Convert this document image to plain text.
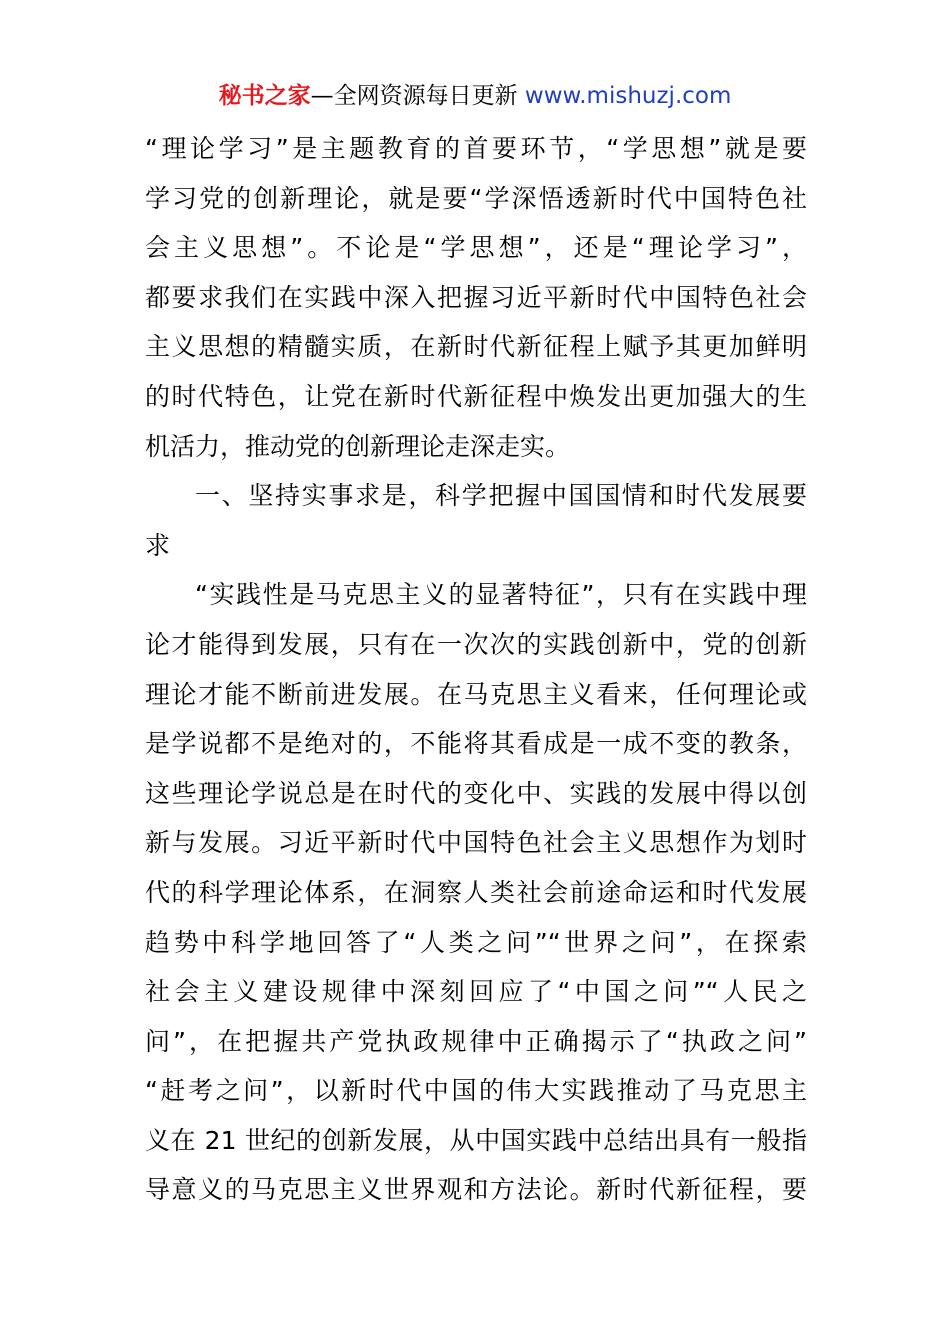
秘书之家—全网资源每日更新 www.mishuzj.com
“理论学习”是主题教育的首要环节，“学思想”就是要
学习党的创新理论，就是要“学深悟透新时代中国特色社
会主义思想”。不论是“学思想”，还是“理论学习”，
都要求我们在实践中深入把握习近平新时代中国特色社会
主义思想的精髓实质，在新时代新征程上赋予其更加鲜明
的时代特色，让党在新时代新征程中焕发出更加强大的生
机活力，推动党的创新理论走深走实。
一、坚持实事求是，科学把握中国国情和时代发展要
求
“实践性是马克思主义的显著特征”，只有在实践中理
论才能得到发展，只有在一次次的实践创新中，党的创新
理论才能不断前进发展。在马克思主义看来，任何理论或
是学说都不是绝对的，不能将其看成是一成不变的教条，
这些理论学说总是在时代的变化中、实践的发展中得以创
新与发展。习近平新时代中国特色社会主义思想作为划时
代的科学理论体系，在洞察人类社会前途命运和时代发展
趋势中科学地回答了“人类之问”“世界之问”，在探索
社会主义建设规律中深刻回应了“中国之问”“人民之
问”，在把握共产党执政规律中正确揭示了“执政之问”
“赶考之问”，以新时代中国的伟大实践推动了马克思主
义在 21 世纪的创新发展，从中国实践中总结出具有一般指
导意义的马克思主义世界观和方法论。新时代新征程，要
